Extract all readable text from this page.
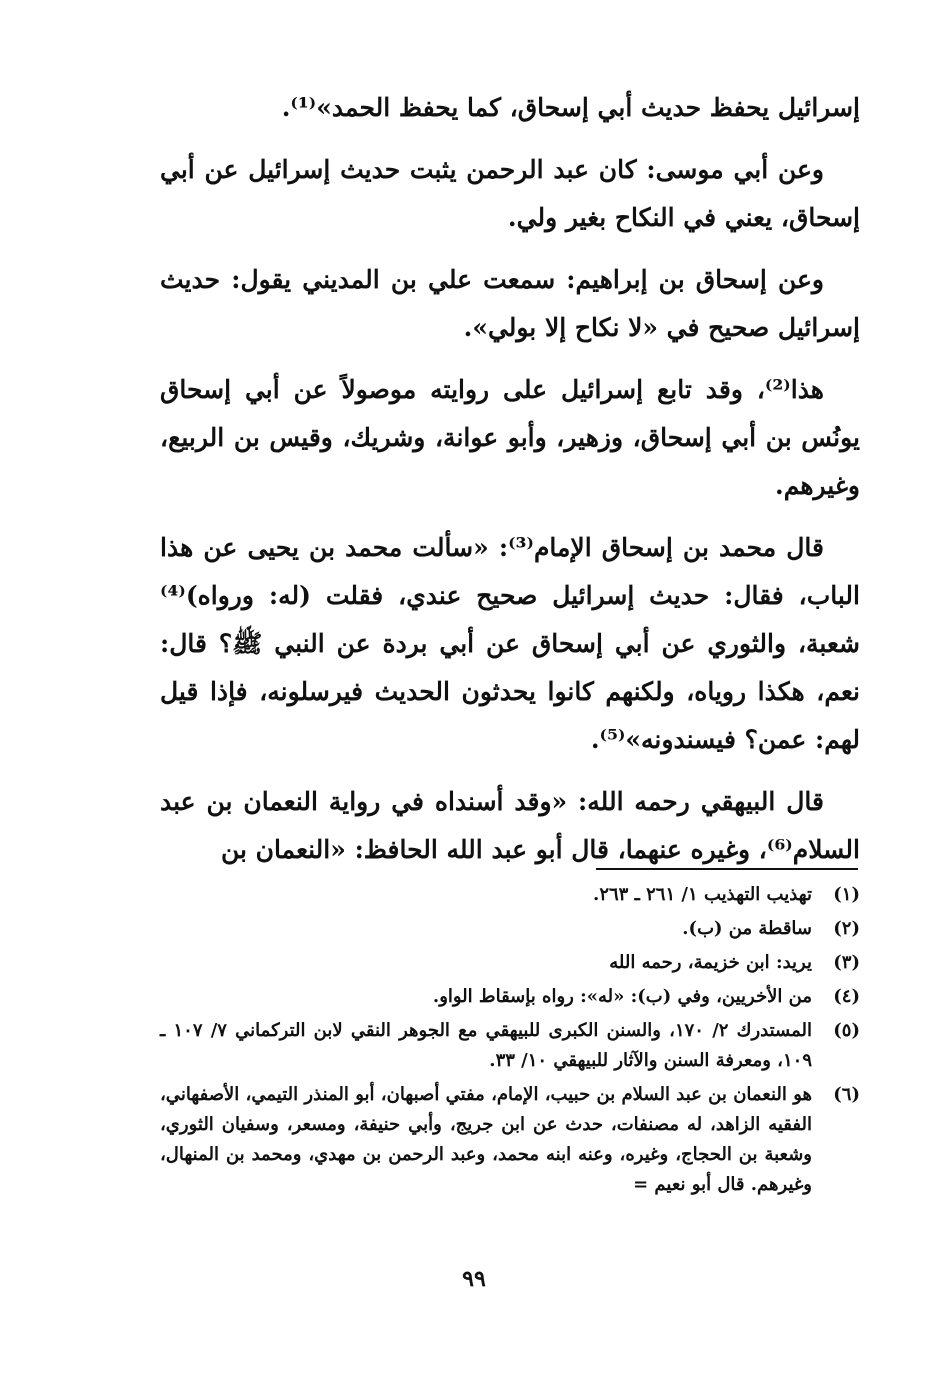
إسرائيل يحفظ حديث أبي إسحاق، كما يحفظ الحمد»⁽¹⁾.

وعن أبي موسى: كان عبد الرحمن يثبت حديث إسرائيل عن أبي إسحاق، يعني في النكاح بغير ولي.

وعن إسحاق بن إبراهيم: سمعت علي بن المديني يقول: حديث إسرائيل صحيح في «لا نكاح إلا بولي».

هذا⁽²⁾، وقد تابع إسرائيل على روايته موصولاً عن أبي إسحاق يونُس بن أبي إسحاق، وزهير، وأبو عوانة، وشريك، وقيس بن الربيع، وغيرهم.

قال محمد بن إسحاق الإمام⁽³⁾: «سألت محمد بن يحيى عن هذا الباب، فقال: حديث إسرائيل صحيح عندي، فقلت (له: ورواه)⁽⁴⁾ شعبة، والثوري عن أبي إسحاق عن أبي بردة عن النبي ﷺ؟ قال: نعم، هكذا روياه، ولكنهم كانوا يحدثون الحديث فيرسلونه، فإذا قيل لهم: عمن؟ فيسندونه»⁽⁵⁾.

قال البيهقي رحمه الله: «وقد أسنداه في رواية النعمان بن عبد السلام⁽⁶⁾، وغيره عنهما، قال أبو عبد الله الحافظ: «النعمان بن

(١)
تهذيب التهذيب ١/ ٢٦١ ـ ٢٦٣.
(٢)
ساقطة من (ب).
(٣)
يريد: ابن خزيمة، رحمه الله
(٤)
من الأخريين، وفي (ب): «له»: رواه بإسقاط الواو.
(٥)
المستدرك ٢/ ١٧٠، والسنن الكبرى للبيهقي مع الجوهر النقي لابن التركماني ٧/ ١٠٧ ـ ١٠٩، ومعرفة السنن والآثار للبيهقي ١٠/ ٣٣.
(٦)
هو النعمان بن عبد السلام بن حبيب، الإمام، مفتي أصبهان، أبو المنذر التيمي، الأصفهاني، الفقيه الزاهد، له مصنفات، حدث عن ابن جريج، وأبي حنيفة، ومسعر، وسفيان الثوري، وشعبة بن الحجاج، وغيره، وعنه ابنه محمد، وعبد الرحمن بن مهدي، ومحمد بن المنهال، وغيرهم. قال أبو نعيم =
٩٩
